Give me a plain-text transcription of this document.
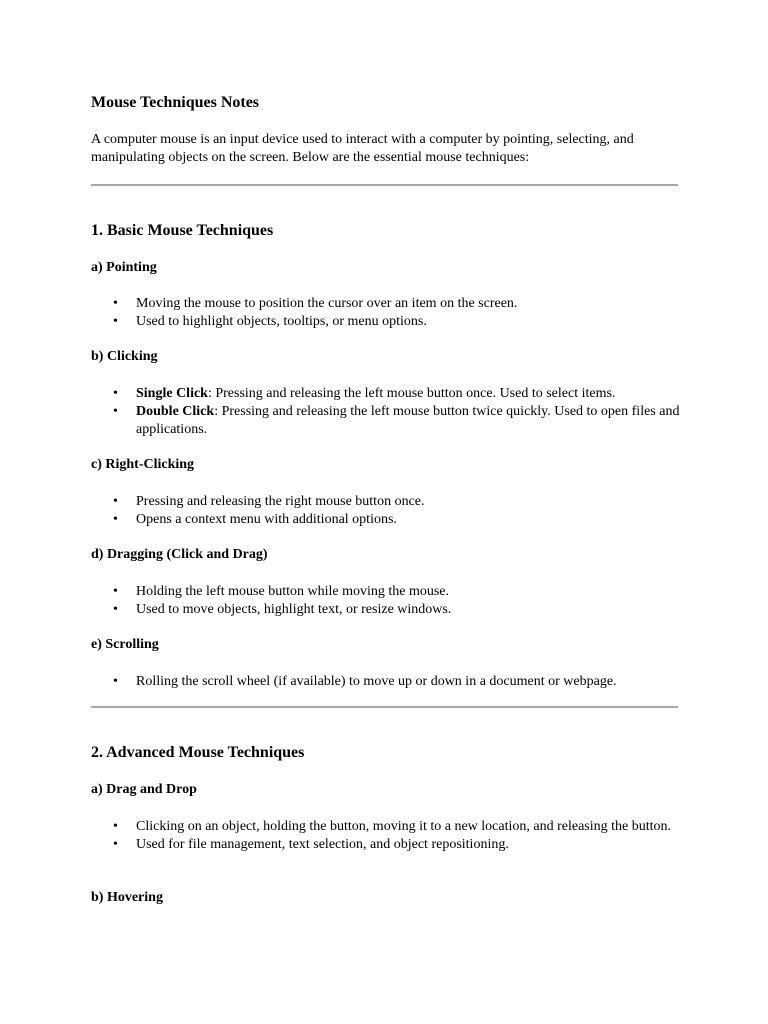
Mouse Techniques Notes

A computer mouse is an input device used to interact with a computer by pointing, selecting, and manipulating objects on the screen. Below are the essential mouse techniques:

1. Basic Mouse Techniques
a) Pointing
• Moving the mouse to position the cursor over an item on the screen.
• Used to highlight objects, tooltips, or menu options.
b) Clicking
• Single Click: Pressing and releasing the left mouse button once. Used to select items.
• Double Click: Pressing and releasing the left mouse button twice quickly. Used to open files and applications.
c) Right-Clicking
• Pressing and releasing the right mouse button once.
• Opens a context menu with additional options.
d) Dragging (Click and Drag)
• Holding the left mouse button while moving the mouse.
• Used to move objects, highlight text, or resize windows.
e) Scrolling
• Rolling the scroll wheel (if available) to move up or down in a document or webpage.
2. Advanced Mouse Techniques
a) Drag and Drop
• Clicking on an object, holding the button, moving it to a new location, and releasing the button.
• Used for file management, text selection, and object repositioning.
b) Hovering
